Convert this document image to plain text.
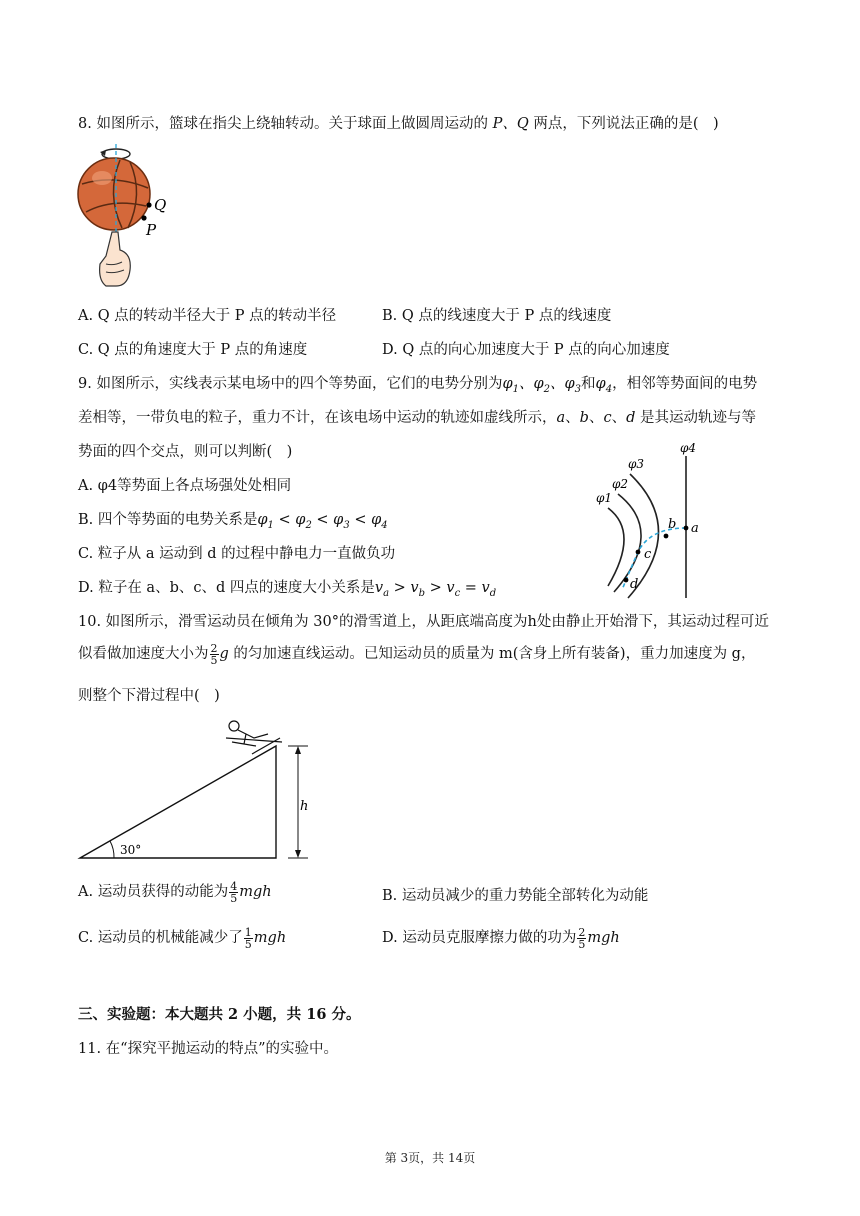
8. 如图所示，篮球在指尖上绕轴转动。关于球面上做圆周运动的 P、Q 两点，下列说法正确的是(　)
Q
P
A. Q 点的转动半径大于 P 点的转动半径	B. Q 点的线速度大于 P 点的线速度
C. Q 点的角速度大于 P 点的角速度	D. Q 点的向心加速度大于 P 点的向心加速度
9. 如图所示，实线表示某电场中的四个等势面，它们的电势分别为$\varphi_1$、$\varphi_2$、$\varphi_3$和$\varphi_4$，相邻等势面间的电势
差相等，一带负电的粒子，重力不计，在该电场中运动的轨迹如虚线所示，a、b、c、d 是其运动轨迹与等
势面的四个交点，则可以判断(　)
A. φ4等势面上各点场强处处相同
B. 四个等势面的电势关系是$\varphi_1 < \varphi_2 < \varphi_3 < \varphi_4$
C. 粒子从 a 运动到 d 的过程中静电力一直做负功
D. 粒子在 a、b、c、d 四点的速度大小关系是$v_a > v_b > v_c = v_d$
φ1
φ2
φ3
φ4
a
b
c
d
10. 如图所示，滑雪运动员在倾角为 30°的滑雪道上，从距底端高度为h处由静止开始滑下，其运动过程可近
似看做加速度大小为 $\frac{2}{5}$ g 的匀加速直线运动。已知运动员的质量为 m(含身上所有装备)，重力加速度为 g，
则整个下滑过程中(　)
30°
h
A. 运动员获得的动能为 $\frac{4}{5}$ mgh	B. 运动员减少的重力势能全部转化为动能
C. 运动员的机械能减少了 $\frac{1}{5}$ mgh	D. 运动员克服摩擦力做的功为 $\frac{2}{5}$ mgh
三、实验题：本大题共 2 小题，共 16 分。
11. 在“探究平抛运动的特点”的实验中。
第 3页，共 14页
